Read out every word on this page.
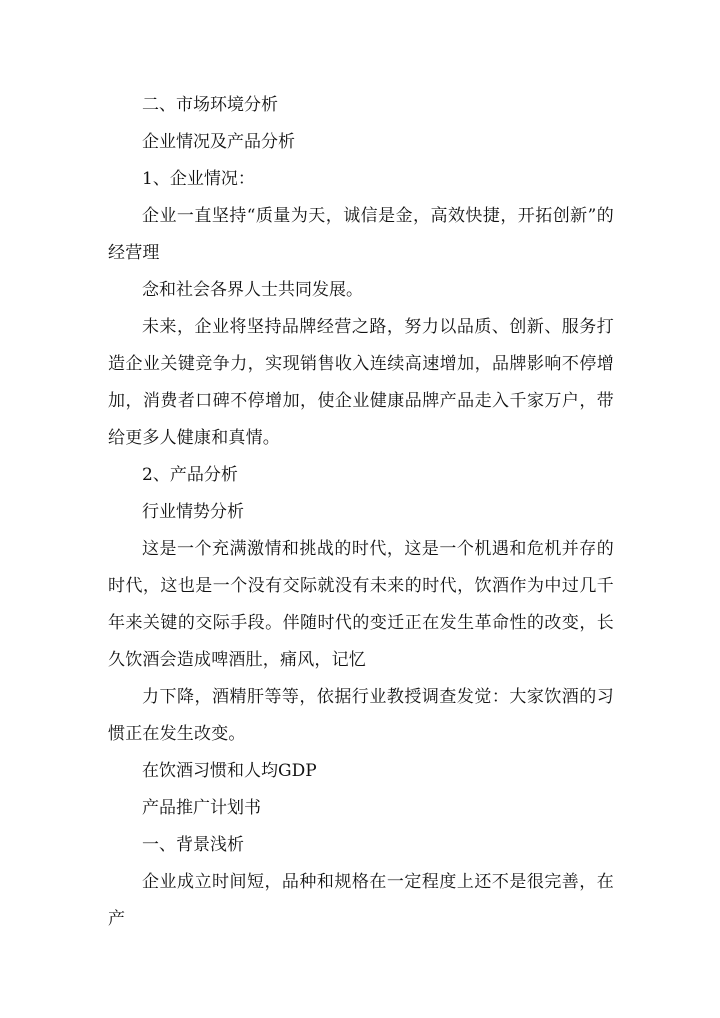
二、市场环境分析

企业情况及产品分析

1、企业情况：

企业一直坚持“质量为天，诚信是金，高效快捷，开拓创新”的经营理

念和社会各界人士共同发展。

未来，企业将坚持品牌经营之路，努力以品质、创新、服务打造企业关键竞争力，实现销售收入连续高速增加，品牌影响不停增加，消费者口碑不停增加，使企业健康品牌产品走入千家万户，带给更多人健康和真情。

2、产品分析

行业情势分析

这是一个充满激情和挑战的时代，这是一个机遇和危机并存的时代，这也是一个没有交际就没有未来的时代，饮酒作为中过几千年来关键的交际手段。伴随时代的变迁正在发生革命性的改变，长久饮酒会造成啤酒肚，痛风，记忆

力下降，酒精肝等等，依据行业教授调查发觉：大家饮酒的习惯正在发生改变。

在饮酒习惯和人均GDP

产品推广计划书

一、背景浅析

企业成立时间短，品种和规格在一定程度上还不是很完善，在产
